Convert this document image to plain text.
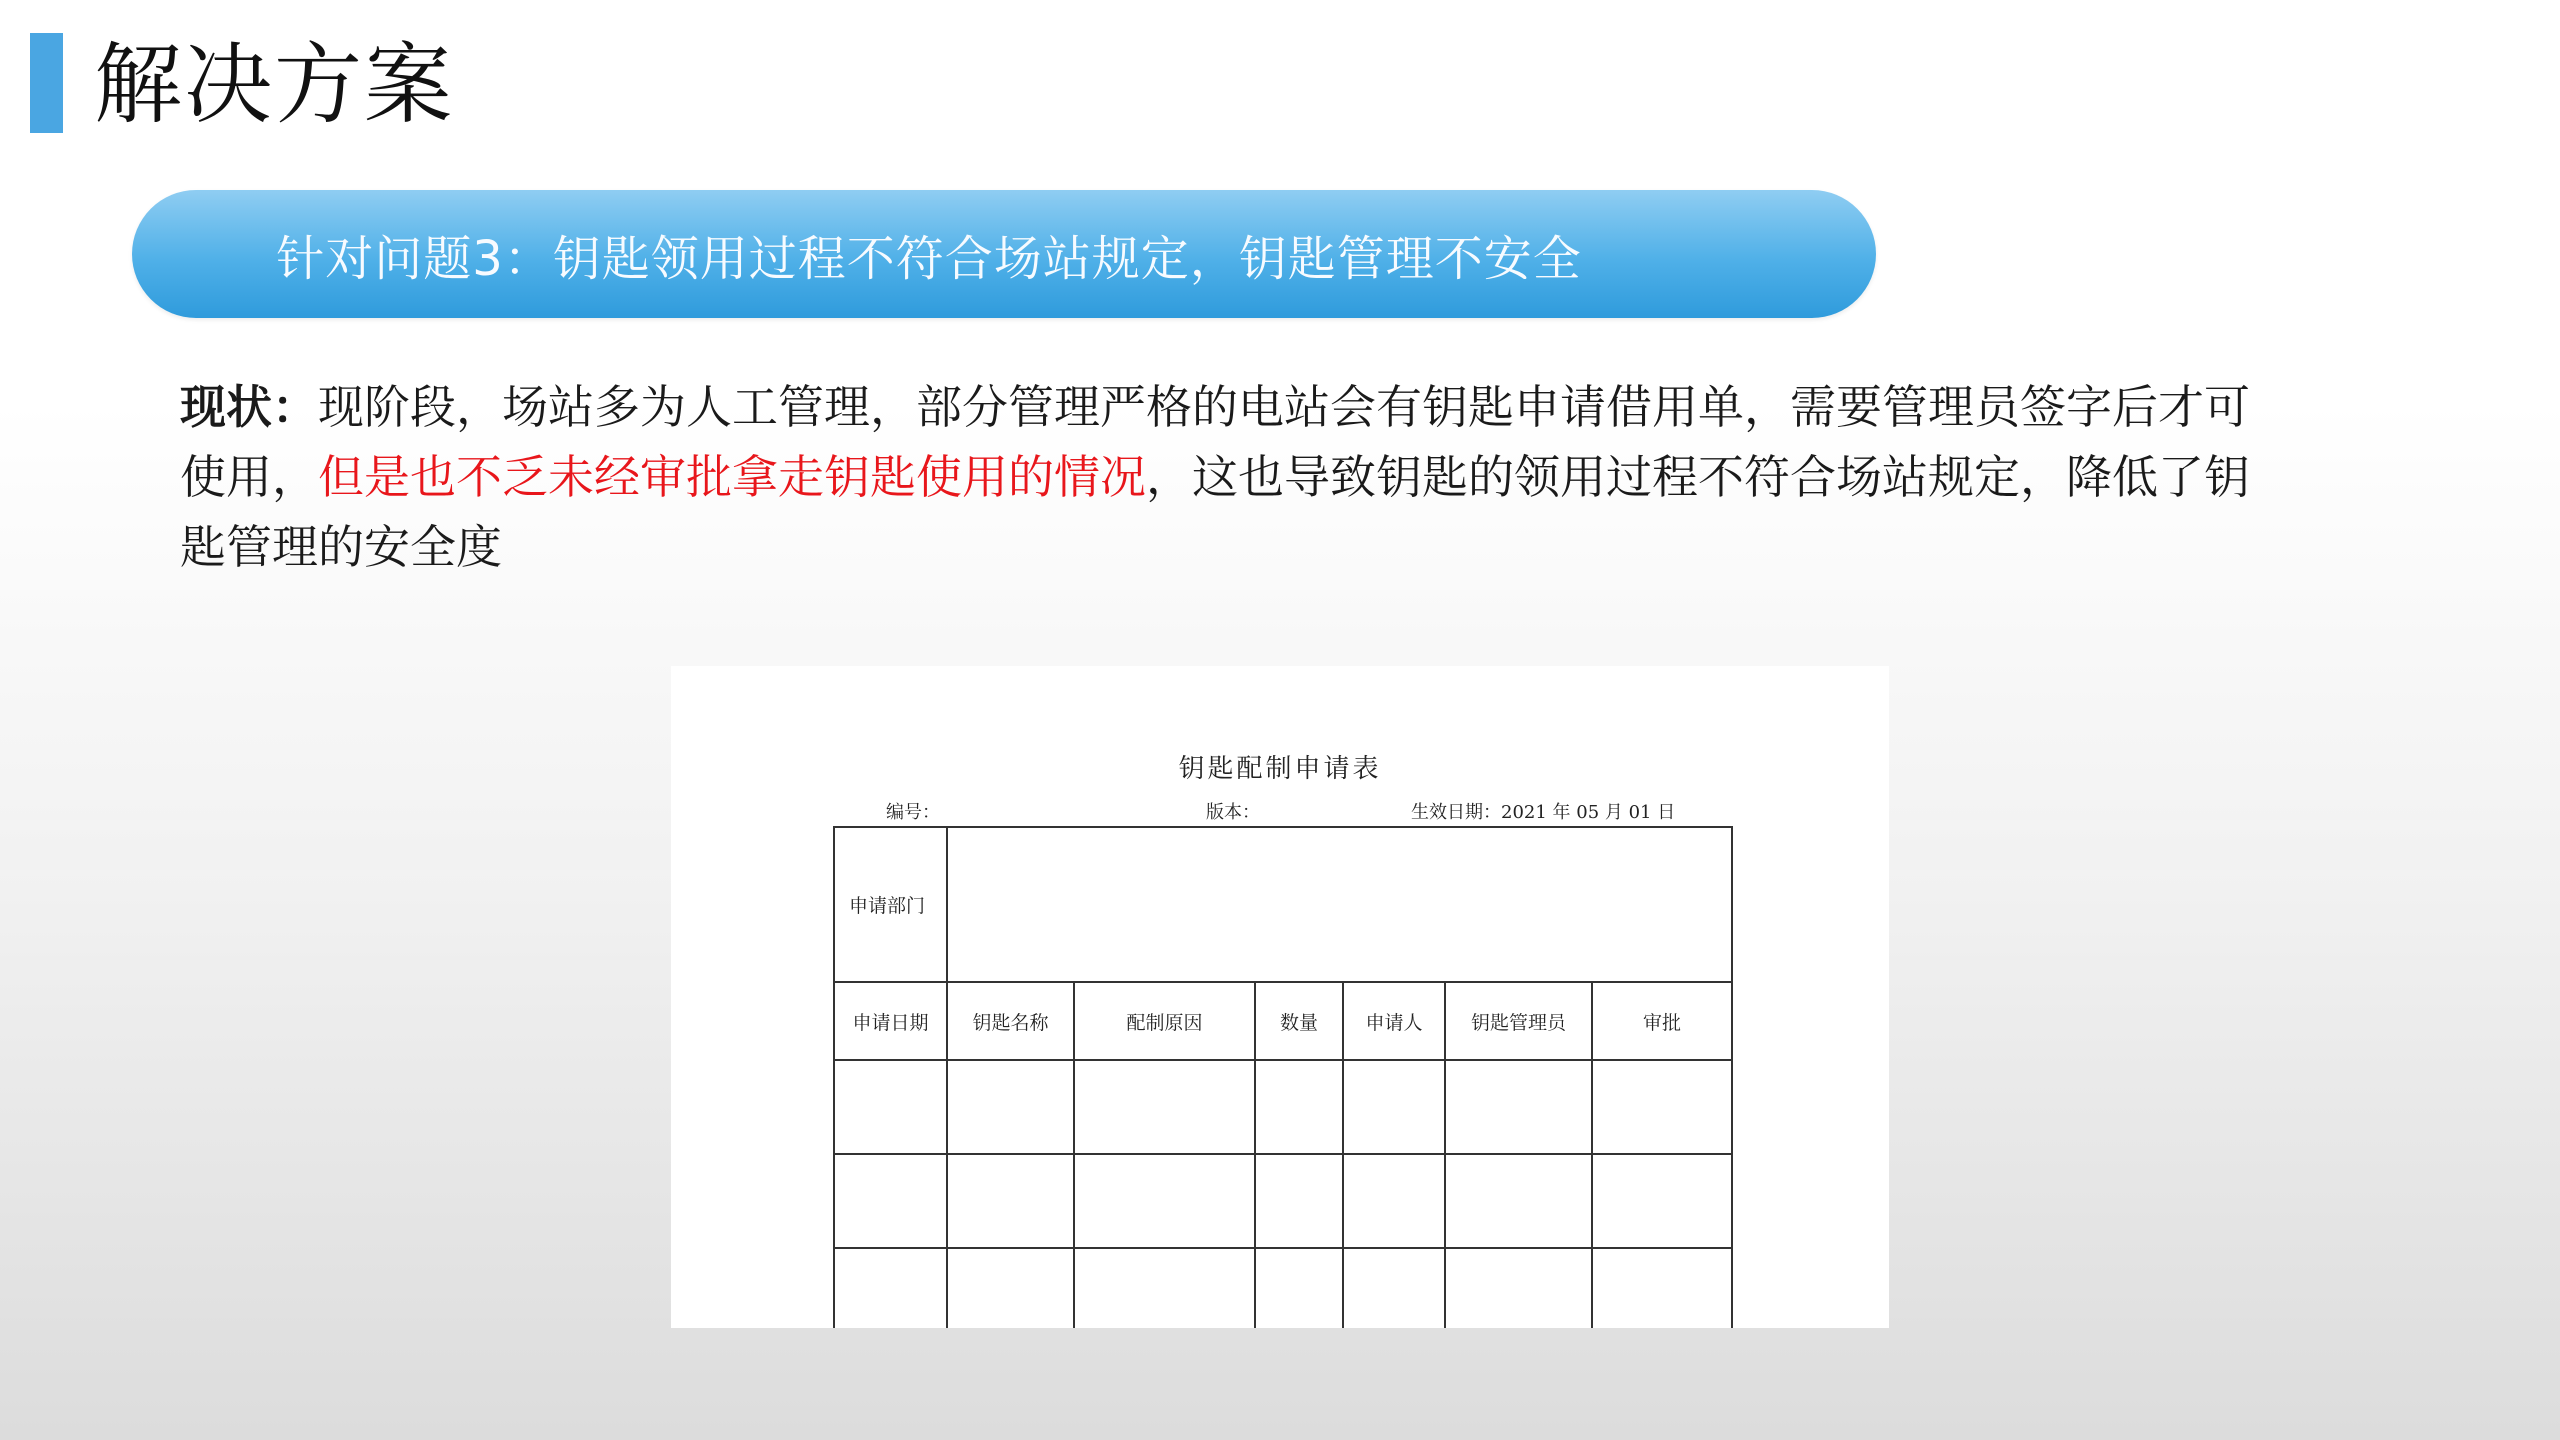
解决方案
针对问题3：钥匙领用过程不符合场站规定，钥匙管理不安全
现状：现阶段，场站多为人工管理，部分管理严格的电站会有钥匙申请借用单，需要管理员签字后才可使用，但是也不乏未经审批拿走钥匙使用的情况，这也导致钥匙的领用过程不符合场站规定，降低了钥匙管理的安全度
钥匙配制申请表
编号：	版本：	生效日期：2021 年 05 月 01 日
申请部门						
申请日期	钥匙名称	配制原因	数量	申请人	钥匙管理员	审批
